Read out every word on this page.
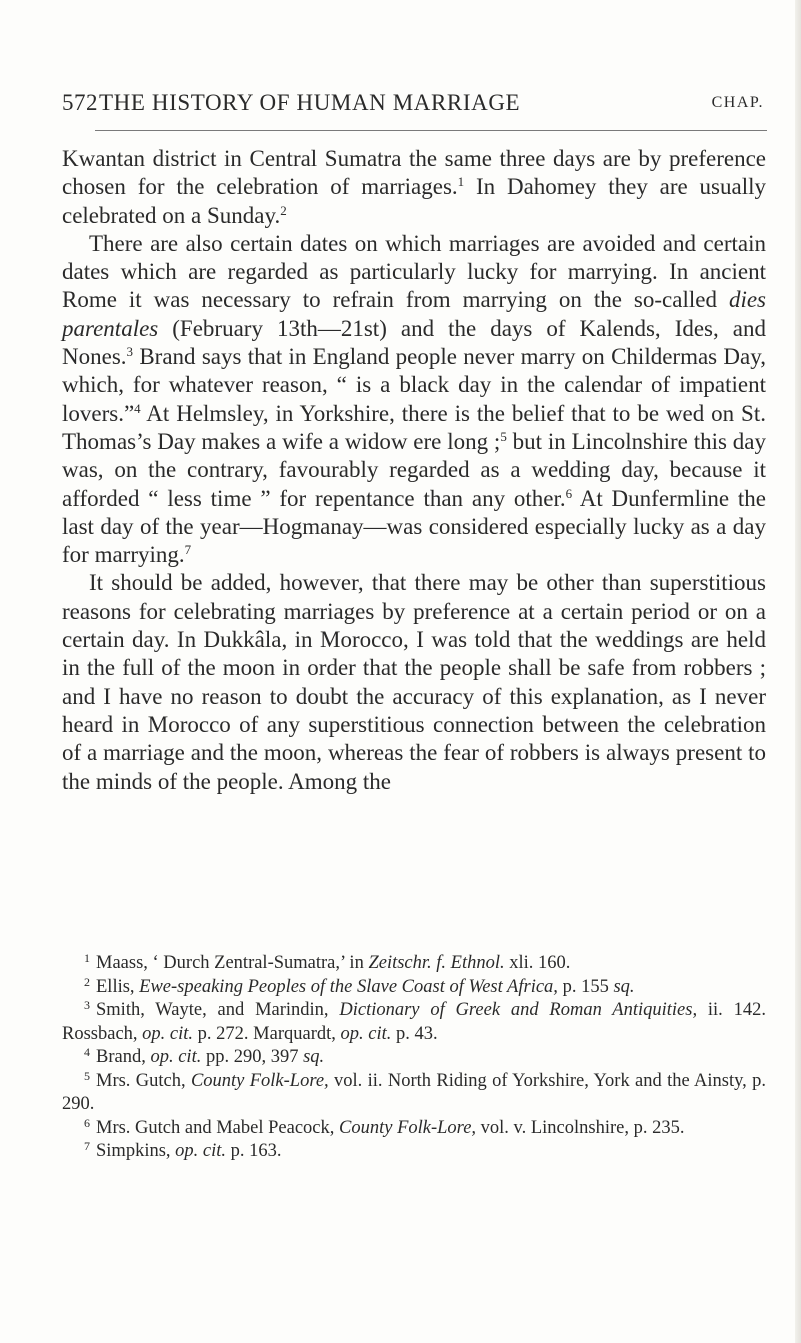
572 THE HISTORY OF HUMAN MARRIAGE	CHAP.

Kwantan district in Central Sumatra the same three days are by preference chosen for the celebration of marriages.$^1$ In Dahomey they are usually celebrated on a Sunday.$^2$

There are also certain dates on which marriages are avoided and certain dates which are regarded as particularly lucky for marrying. In ancient Rome it was necessary to refrain from marrying on the so-called dies parentales (February 13th—21st) and the days of Kalends, Ides, and Nones.$^3$ Brand says that in England people never marry on Childermas Day, which, for whatever reason, “ is a black day in the calendar of impatient lovers.”$^4$ At Helmsley, in Yorkshire, there is the belief that to be wed on St. Thomas’s Day makes a wife a widow ere long ;$^5$ but in Lincolnshire this day was, on the contrary, favourably regarded as a wedding day, because it afforded “ less time ” for repentance than any other.$^6$ At Dunfermline the last day of the year—Hogmanay—was considered especially lucky as a day for marrying.$^7$

It should be added, however, that there may be other than superstitious reasons for celebrating marriages by preference at a certain period or on a certain day. In Dukkâla, in Morocco, I was told that the weddings are held in the full of the moon in order that the people shall be safe from robbers ; and I have no reason to doubt the accuracy of this explanation, as I never heard in Morocco of any superstitious connection between the celebration of a marriage and the moon, whereas the fear of robbers is always present to the minds of the people. Among the

$^1$ Maass, ‘ Durch Zentral-Sumatra,’ in Zeitschr. f. Ethnol. xli. 160.

$^2$ Ellis, Ewe-speaking Peoples of the Slave Coast of West Africa, p. 155 sq.

$^3$ Smith, Wayte, and Marindin, Dictionary of Greek and Roman Antiquities, ii. 142. Rossbach, op. cit. p. 272. Marquardt, op. cit. p. 43.

$^4$ Brand, op. cit. pp. 290, 397 sq.

$^5$ Mrs. Gutch, County Folk-Lore, vol. ii. North Riding of Yorkshire, York and the Ainsty, p. 290.

$^6$ Mrs. Gutch and Mabel Peacock, County Folk-Lore, vol. v. Lincolnshire, p. 235.

$^7$ Simpkins, op. cit. p. 163.
